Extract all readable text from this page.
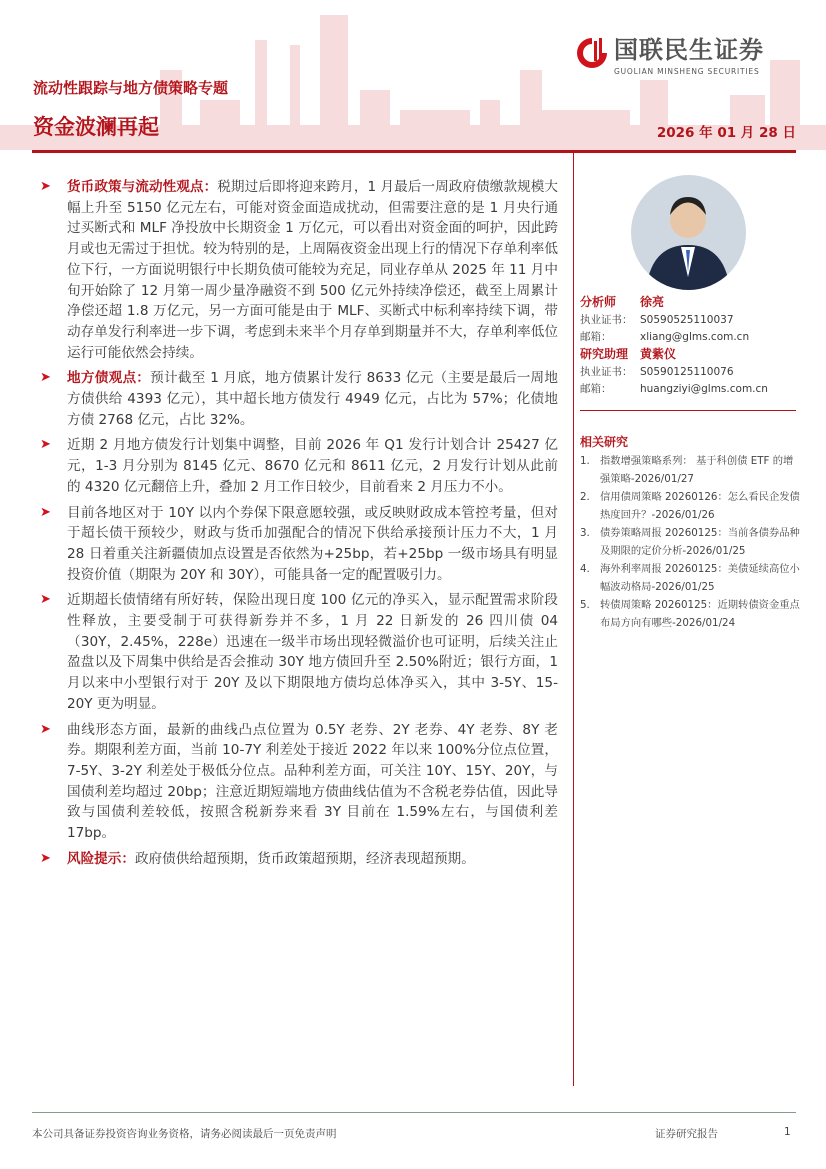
国联民生证券
GUOLIAN MINSHENG SECURITIES
流动性跟踪与地方债策略专题
资金波澜再起	2026 年 01 月 28 日
➤ 货币政策与流动性观点：税期过后即将迎来跨月，1 月最后一周政府债缴款规模大幅上升至 5150 亿元左右，可能对资金面造成扰动，但需要注意的是 1 月央行通过买断式和 MLF 净投放中长期资金 1 万亿元，可以看出对资金面的呵护，因此跨月或也无需过于担忧。较为特别的是，上周隔夜资金出现上行的情况下存单利率低位下行，一方面说明银行中长期负债可能较为充足，同业存单从 2025 年 11 月中旬开始除了 12 月第一周少量净融资不到 500 亿元外持续净偿还，截至上周累计净偿还超 1.8 万亿元，另一方面可能是由于 MLF、买断式中标利率持续下调，带动存单发行利率进一步下调，考虑到未来半个月存单到期量并不大，存单利率低位运行可能依然会持续。
➤ 地方债观点：预计截至 1 月底，地方债累计发行 8633 亿元（主要是最后一周地方债供给 4393 亿元），其中超长地方债发行 4949 亿元，占比为 57%；化债地方债 2768 亿元，占比 32%。
➤ 近期 2 月地方债发行计划集中调整，目前 2026 年 Q1 发行计划合计 25427 亿元，1-3 月分别为 8145 亿元、8670 亿元和 8611 亿元，2 月发行计划从此前的 4320 亿元翻倍上升，叠加 2 月工作日较少，目前看来 2 月压力不小。
➤ 目前各地区对于 10Y 以内个券保下限意愿较强，或反映财政成本管控考量，但对于超长债干预较少，财政与货币加强配合的情况下供给承接预计压力不大，1 月 28 日着重关注新疆债加点设置是否依然为+25bp，若+25bp 一级市场具有明显投资价值（期限为 20Y 和 30Y），可能具备一定的配置吸引力。
➤ 近期超长债情绪有所好转，保险出现日度 100 亿元的净买入，显示配置需求阶段性释放，主要受制于可获得新券并不多，1 月 22 日新发的 26 四川债 04（30Y，2.45%，228e）迅速在一级半市场出现轻微溢价也可证明，后续关注止盈盘以及下周集中供给是否会推动 30Y 地方债回升至 2.50%附近；银行方面，1 月以来中小型银行对于 20Y 及以下期限地方债均总体净买入，其中 3-5Y、15-20Y 更为明显。
➤ 曲线形态方面，最新的曲线凸点位置为 0.5Y 老券、2Y 老券、4Y 老券、8Y 老券。期限利差方面，当前 10-7Y 利差处于接近 2022 年以来 100%分位点位置，7-5Y、3-2Y 利差处于极低分位点。品种利差方面，可关注 10Y、15Y、20Y，与国债利差均超过 20bp；注意近期短端地方债曲线估值为不含税老券估值，因此导致与国债利差较低，按照含税新券来看 3Y 目前在 1.59%左右，与国债利差 17bp。
➤ 风险提示：政府债供给超预期，货币政策超预期，经济表现超预期。
分析师 徐亮
执业证书： S0590525110037
邮箱：	xliang@glms.com.cn
研究助理 黄紫仪
执业证书： S0590125110076
邮箱：	huangziyi@glms.com.cn
相关研究
1. 指数增强策略系列： 基于科创债 ETF 的增强策略-2026/01/27
2. 信用债周策略 20260126：怎么看民企发债热度回升？-2026/01/26
3. 债券策略周报 20260125：当前各债券品种及期限的定价分析-2026/01/25
4. 海外利率周报 20260125：美债延续高位小幅波动格局-2026/01/25
5. 转债周策略 20260125：近期转债资金重点布局方向有哪些-2026/01/24
本公司具备证券投资咨询业务资格，请务必阅读最后一页免责声明	证券研究报告	1
